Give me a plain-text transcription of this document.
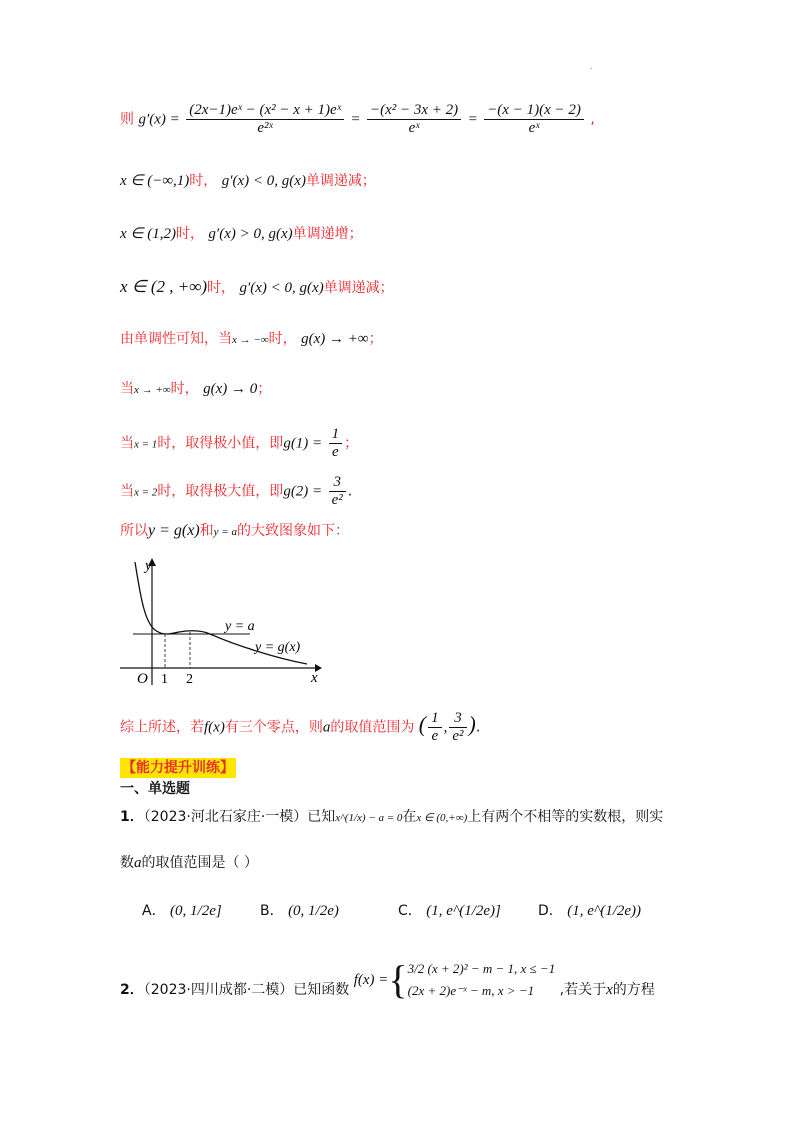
.
则 $g'(x) = \frac{\text{(2x−1)eˣ − (x² − x + 1)eˣ}}{\text{e²ˣ}} = \frac{\text{−(x² − 3x + 2)}}{\text{eˣ}} = \frac{-(x - 1)(x - 2)}{\text{eˣ}}$ ,
x ∈ (−∞,1)时， g′(x) < 0, g(x)单调递减；
x ∈ (1,2)时， g′(x) > 0, g(x)单调递增；
x ∈ (2 , +∞)时， g′(x) < 0, g(x)单调递减；
由单调性可知，当x → −∞时， g(x) → +∞；
当x → +∞时， g(x) → 0；
当x = 1时，取得极小值，即$g(1) = \frac{1}{e}$ ；
当x = 2时，取得极大值，即$g(2) = \frac{3}{\text{e²}}$ .
所以y = g(x)和y = a的大致图象如下：
y
x
O 1 2
y = a
y = g(x)
综上所述，若f(x)有三个零点，则a的取值范围为 ( $\frac{1}{e}$ , $\frac{3}{\text{e²}}$ ).
【能力提升训练】
一、单选题
1．（2023·河北石家庄·一模）已知x^(1/x) − a = 0在x ∈ (0,+∞)上有两个不相等的实数根，则实
数a的取值范围是（ ）
A． (0, 1/2e]	B． (0, 1/2e)	C． (1, e^(1/2e)]	D． (1, e^(1/2e))
2．（2023·四川成都·二模）已知函数 f(x) ={ 3/2 (x + 2)² − m − 1, x ≤ −1
(2x + 2)e⁻ˣ − m, x > −1	,若关于x的方程
